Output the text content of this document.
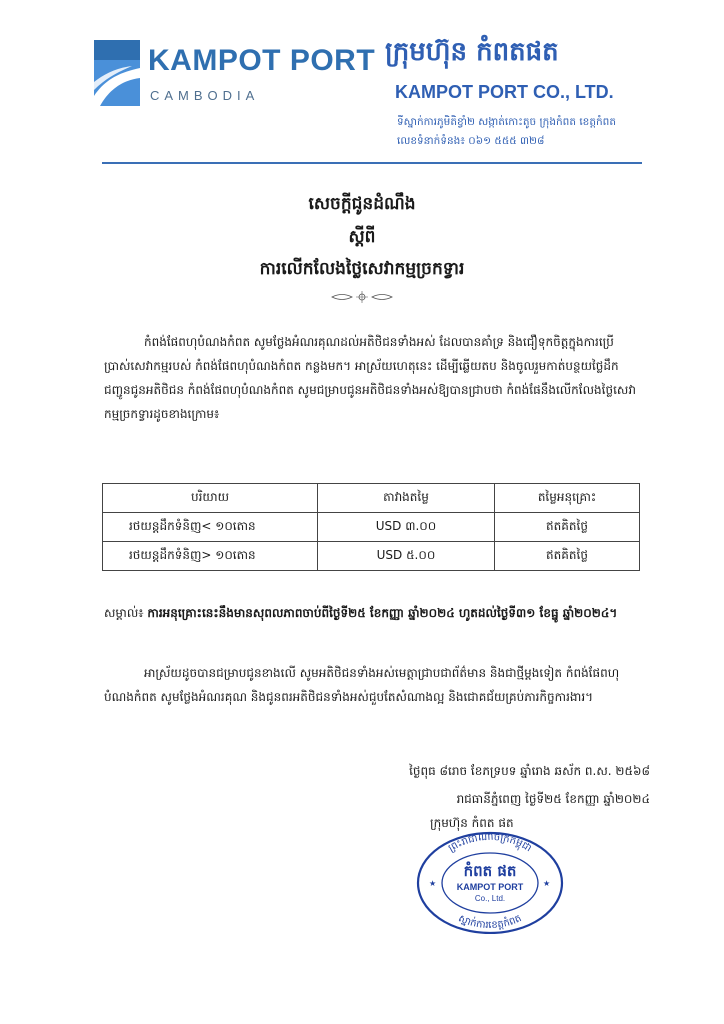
KAMPOT PORT
CAMBODIA
ក្រុមហ៊ុន កំពតផត
KAMPOT PORT CO., LTD.
ទីស្នាក់ការភូមិតិខ្វាំ២ សង្កាត់កោះតូច ក្រុងកំពត ខេត្តកំពត
លេខទំនាក់ទំនង៖ ០៦១ ៥៥៥ ៣២៨
សេចក្តីជូនដំណឹង
ស្តីពី
ការលើកលែងថ្លៃសេវាកម្មច្រកទ្វារ

កំពង់ផែពហុបំណងកំពត សូមថ្លែងអំណរគុណដល់អតិថិជនទាំងអស់ ដែលបានគាំទ្រ និងជឿទុកចិត្តក្នុងការប្រើប្រាស់សេវាកម្មរបស់ កំពង់ផែពហុបំណងកំពត កន្លងមក។ អាស្រ័យហេតុនេះ ដើម្បីឆ្លើយតប និងចូលរួមកាត់បន្ថយថ្លៃដឹកជញ្ជូនជូនអតិថិជន កំពង់ផែពហុបំណងកំពត សូមជម្រាបជូនអតិថិជនទាំងអស់ឱ្យបានជ្រាបថា កំពង់ផែនឹងលើកលែងថ្លៃសេវាកម្មច្រកទ្វារដូចខាងក្រោម៖

បរិយាយ	តាវាងតម្លៃ	តម្លៃអនុគ្រោះ
រថយន្តដឹកទំនិញ< ១០តោន	USD ៣.០០	ឥតគិតថ្លៃ
រថយន្តដឹកទំនិញ> ១០តោន	USD ៥.០០	ឥតគិតថ្លៃ

សម្គាល់៖ ការអនុគ្រោះនេះនឹងមានសុពលភាពចាប់ពីថ្ងៃទី២៥ ខែកញ្ញា ឆ្នាំ២០២៤ ហូតដល់ថ្ងៃទី៣១ ខែធ្នូ ឆ្នាំ២០២៤។

អាស្រ័យដូចបានជម្រាបជូនខាងលើ សូមអតិថិជនទាំងអស់មេត្តាជ្រាបជាព័ត៌មាន និងជាថ្មីម្តងទៀត កំពង់ផែពហុបំណងកំពត សូមថ្លែងអំណរគុណ និងជូនពរអតិថិជនទាំងអស់ជួបតែសំណាងល្អ និងជោគជ័យគ្រប់ភារកិច្ចការងារ។

ថ្ងៃពុធ ៨រោច ខែភទ្របទ ឆ្នាំរោង ឆស័ក ព.ស. ២៥៦៨
រាជធានីភ្នំពេញ ថ្ងៃទី២៥ ខែកញ្ញា ឆ្នាំ២០២៤
ក្រុមហ៊ុន កំពត ផត
ព្រះរាជាណាចក្រកម្ពុជា
ស្នាក់ការខេត្តកំពត
កំពត ផត
KAMPOT PORT
Co., Ltd.
★	★
